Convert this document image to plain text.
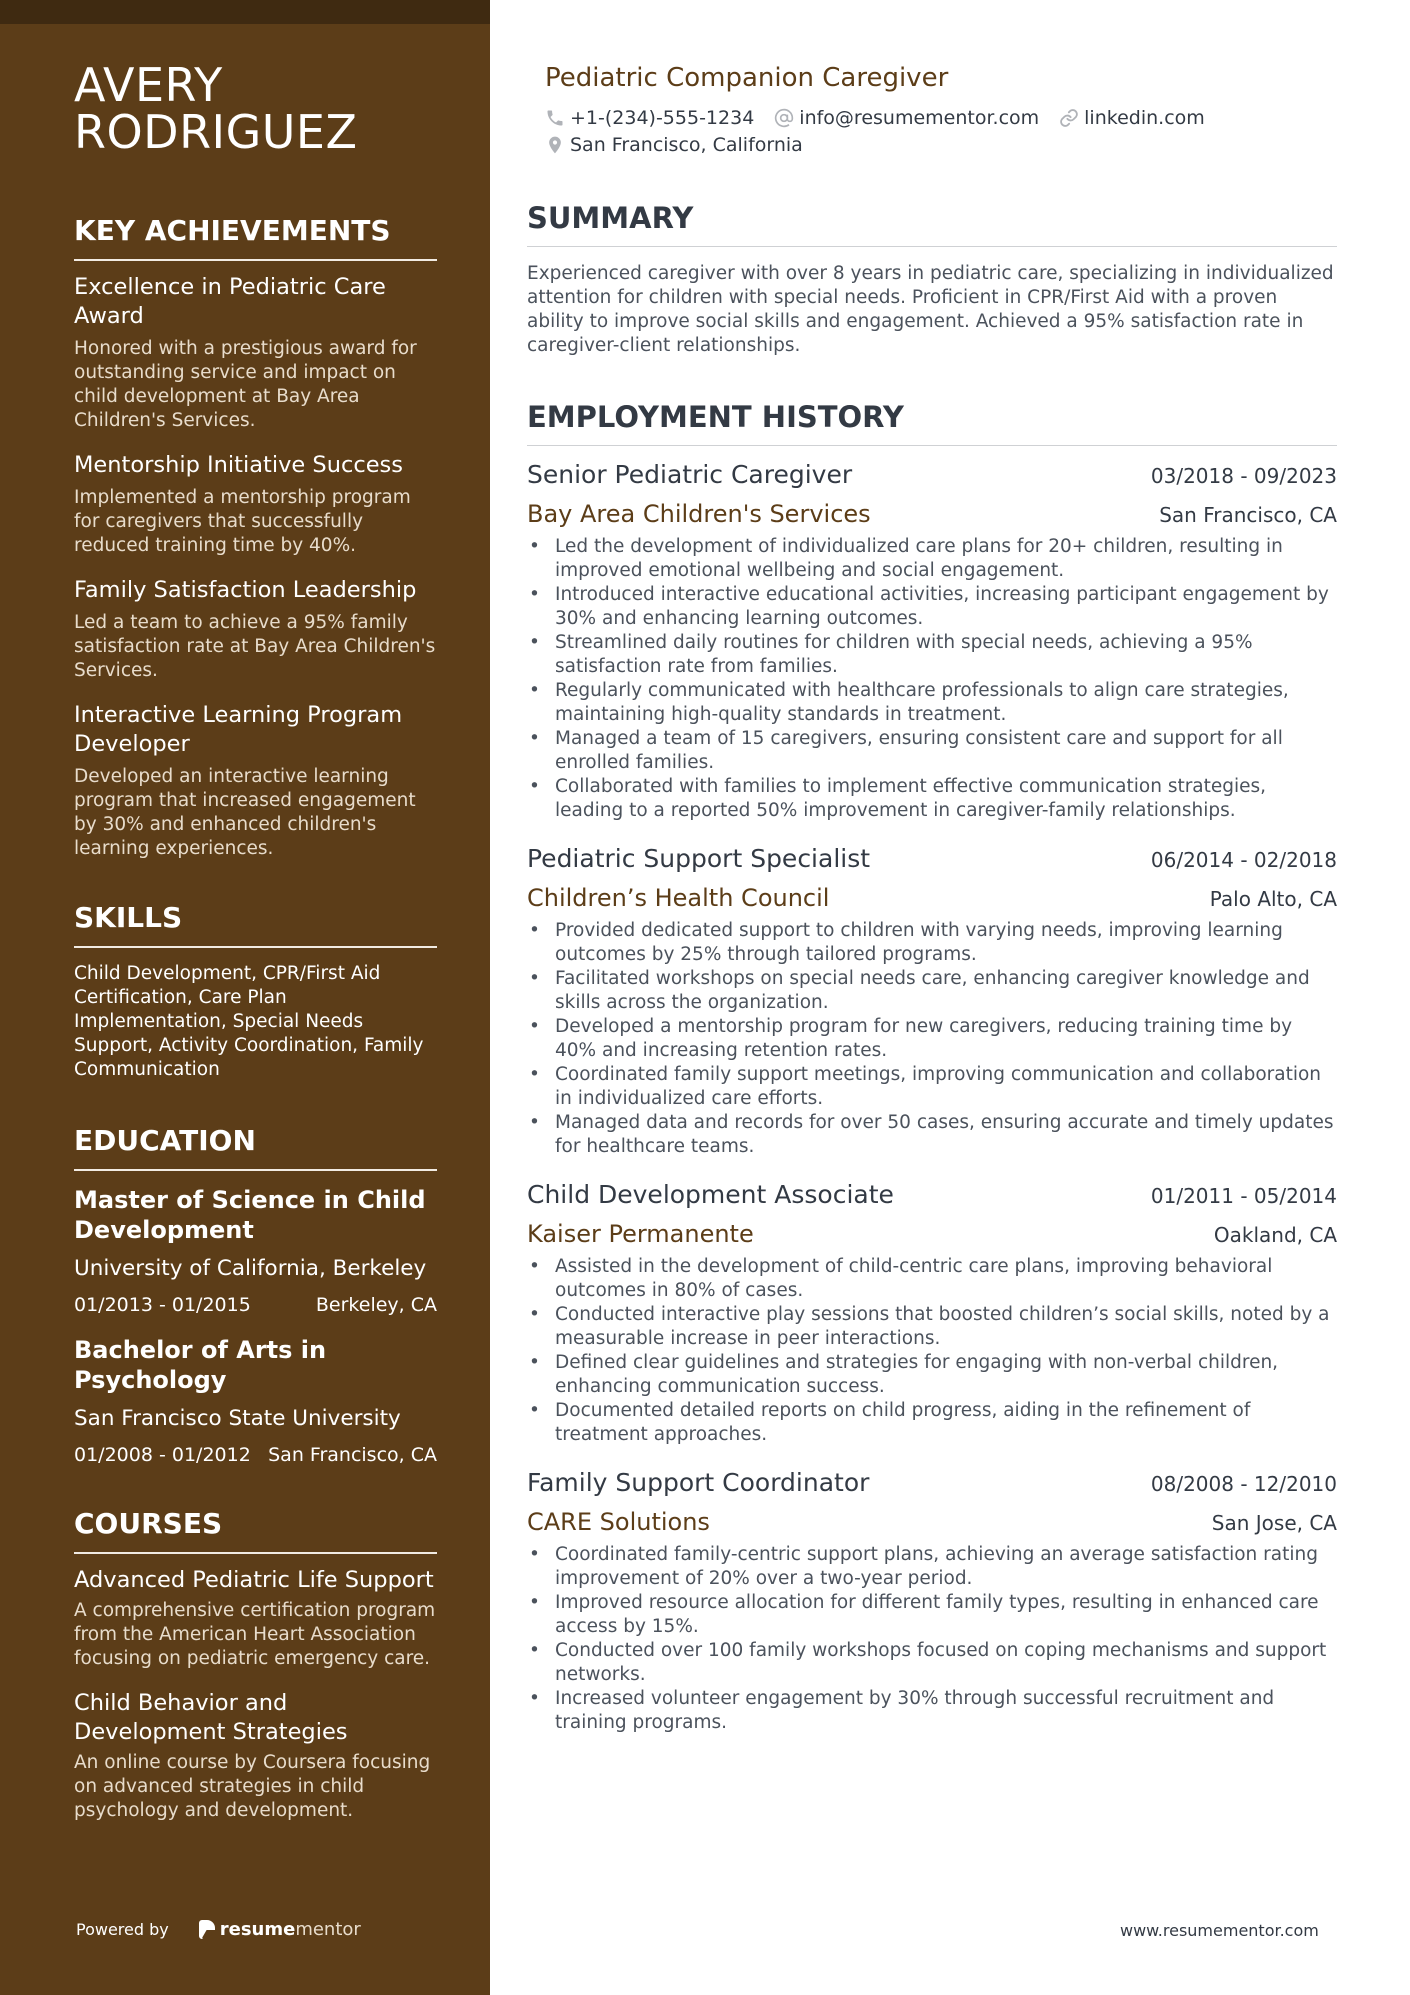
AVERY
RODRIGUEZ
KEY ACHIEVEMENTS
Excellence in Pediatric Care Award
Honored with a prestigious award for outstanding service and impact on child development at Bay Area Children's Services.
Mentorship Initiative Success
Implemented a mentorship program for caregivers that successfully reduced training time by 40%.
Family Satisfaction Leadership
Led a team to achieve a 95% family satisfaction rate at Bay Area Children's Services.
Interactive Learning Program Developer
Developed an interactive learning program that increased engagement by 30% and enhanced children's learning experiences.
SKILLS
Child Development, CPR/First Aid Certification, Care Plan Implementation, Special Needs Support, Activity Coordination, Family Communication
EDUCATION
Master of Science in Child Development
University of California, Berkeley
01/2013 - 01/2015	Berkeley, CA
Bachelor of Arts in Psychology
San Francisco State University
01/2008 - 01/2012 San Francisco, CA
COURSES
Advanced Pediatric Life Support
A comprehensive certification program from the American Heart Association focusing on pediatric emergency care.
Child Behavior and Development Strategies
An online course by Coursera focusing on advanced strategies in child psychology and development.
Powered by	resume mentor
Pediatric Companion Caregiver
+1-(234)-555-1234 info@resumementor.com linkedin.com
San Francisco, California
SUMMARY

Experienced caregiver with over 8 years in pediatric care, specializing in individualized attention for children with special needs. Proficient in CPR/First Aid with a proven ability to improve social skills and engagement. Achieved a 95% satisfaction rate in caregiver-client relationships.

EMPLOYMENT HISTORY
Senior Pediatric Caregiver	03/2018 - 09/2023
Bay Area Children's Services	San Francisco, CA
• Led the development of individualized care plans for 20+ children, resulting in improved emotional wellbeing and social engagement.
• Introduced interactive educational activities, increasing participant engagement by 30% and enhancing learning outcomes.
• Streamlined daily routines for children with special needs, achieving a 95% satisfaction rate from families.
• Regularly communicated with healthcare professionals to align care strategies, maintaining high-quality standards in treatment.
• Managed a team of 15 caregivers, ensuring consistent care and support for all enrolled families.
• Collaborated with families to implement effective communication strategies, leading to a reported 50% improvement in caregiver-family relationships.
Pediatric Support Specialist	06/2014 - 02/2018
Children’s Health Council	Palo Alto, CA
• Provided dedicated support to children with varying needs, improving learning outcomes by 25% through tailored programs.
• Facilitated workshops on special needs care, enhancing caregiver knowledge and skills across the organization.
• Developed a mentorship program for new caregivers, reducing training time by 40% and increasing retention rates.
• Coordinated family support meetings, improving communication and collaboration in individualized care efforts.
• Managed data and records for over 50 cases, ensuring accurate and timely updates for healthcare teams.
Child Development Associate	01/2011 - 05/2014
Kaiser Permanente	Oakland, CA
• Assisted in the development of child-centric care plans, improving behavioral outcomes in 80% of cases.
• Conducted interactive play sessions that boosted children’s social skills, noted by a measurable increase in peer interactions.
• Defined clear guidelines and strategies for engaging with non-verbal children, enhancing communication success.
• Documented detailed reports on child progress, aiding in the refinement of treatment approaches.
Family Support Coordinator	08/2008 - 12/2010
CARE Solutions	San Jose, CA
• Coordinated family-centric support plans, achieving an average satisfaction rating improvement of 20% over a two-year period.
• Improved resource allocation for different family types, resulting in enhanced care access by 15%.
• Conducted over 100 family workshops focused on coping mechanisms and support networks.
• Increased volunteer engagement by 30% through successful recruitment and training programs.
www.resumementor.com
